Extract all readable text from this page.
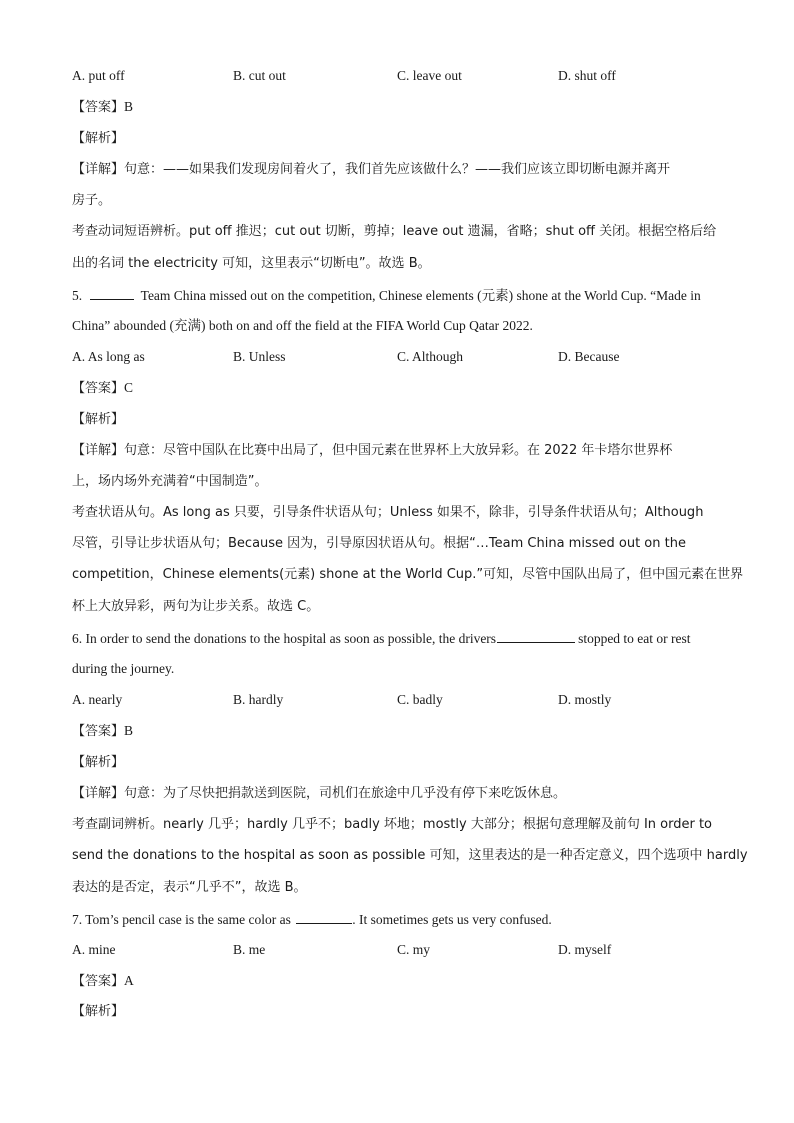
A. put off	B. cut out	C. leave out	D. shut off
【答案】B
【解析】
【详解】句意：——如果我们发现房间着火了，我们首先应该做什么？——我们应该立即切断电源并离开
房子。
考查动词短语辨析。put off 推迟；cut out 切断，剪掉；leave out 遗漏，省略；shut off 关闭。根据空格后给
出的名词 the electricity 可知，这里表示“切断电”。故选 B。
5.	Team China missed out on the competition, Chinese elements (元素) shone at the World Cup. “Made in
China” abounded (充满) both on and off the field at the FIFA World Cup Qatar 2022.
A. As long as	B. Unless	C. Although	D. Because
【答案】C
【解析】
【详解】句意：尽管中国队在比赛中出局了，但中国元素在世界杯上大放异彩。在 2022 年卡塔尔世界杯
上，场内场外充满着“中国制造”。
考查状语从句。As long as 只要，引导条件状语从句；Unless 如果不，除非，引导条件状语从句；Although
尽管，引导让步状语从句；Because 因为，引导原因状语从句。根据“…Team China missed out on the
competition，Chinese elements(元素) shone at the World Cup.”可知，尽管中国队出局了，但中国元素在世界
杯上大放异彩，两句为让步关系。故选 C。
6. In order to send the donations to the hospital as soon as possible, the drivers	stopped to eat or rest
during the journey.
A. nearly	B. hardly	C. badly	D. mostly
【答案】B
【解析】
【详解】句意：为了尽快把捐款送到医院，司机们在旅途中几乎没有停下来吃饭休息。
考查副词辨析。nearly 几乎；hardly 几乎不；badly 坏地；mostly 大部分；根据句意理解及前句 In order to
send the donations to the hospital as soon as possible 可知，这里表达的是一种否定意义，四个选项中 hardly
表达的是否定，表示“几乎不”，故选 B。
7. Tom’s pencil case is the same color as	. It sometimes gets us very confused.
A. mine	B. me	C. my	D. myself
【答案】A
【解析】
